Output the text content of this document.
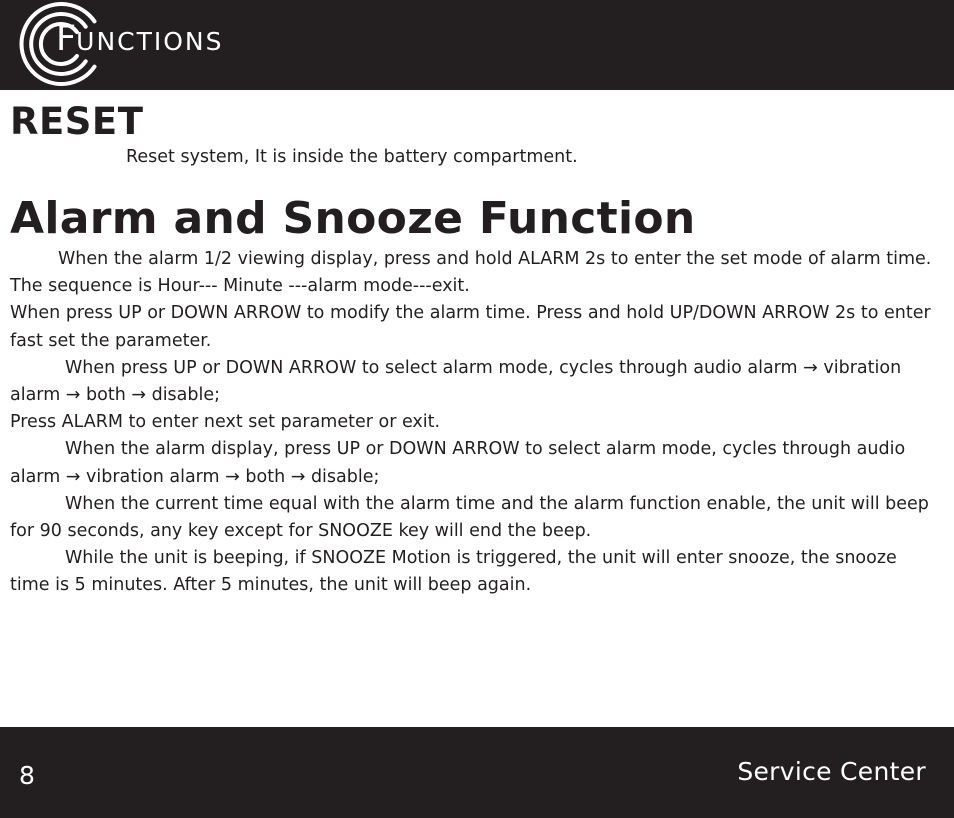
FUNCTIONS
RESET

Reset system, It is inside the battery compartment.

Alarm and Snooze Function

When the alarm 1/2 viewing display, press and hold ALARM 2s to enter the set mode of alarm time. The sequence is Hour--- Minute ---alarm mode---exit.

When press UP or DOWN ARROW to modify the alarm time. Press and hold UP/DOWN ARROW 2s to enter fast set the parameter.

When press UP or DOWN ARROW to select alarm mode, cycles through audio alarm → vibration alarm → both → disable;

Press ALARM to enter next set parameter or exit.

When the alarm display, press UP or DOWN ARROW to select alarm mode, cycles through audio alarm → vibration alarm → both → disable;

When the current time equal with the alarm time and the alarm function enable, the unit will beep for 90 seconds, any key except for SNOOZE key will end the beep.

While the unit is beeping, if SNOOZE Motion is triggered, the unit will enter snooze, the snooze time is 5 minutes. After 5 minutes, the unit will beep again.

8	Service Center
